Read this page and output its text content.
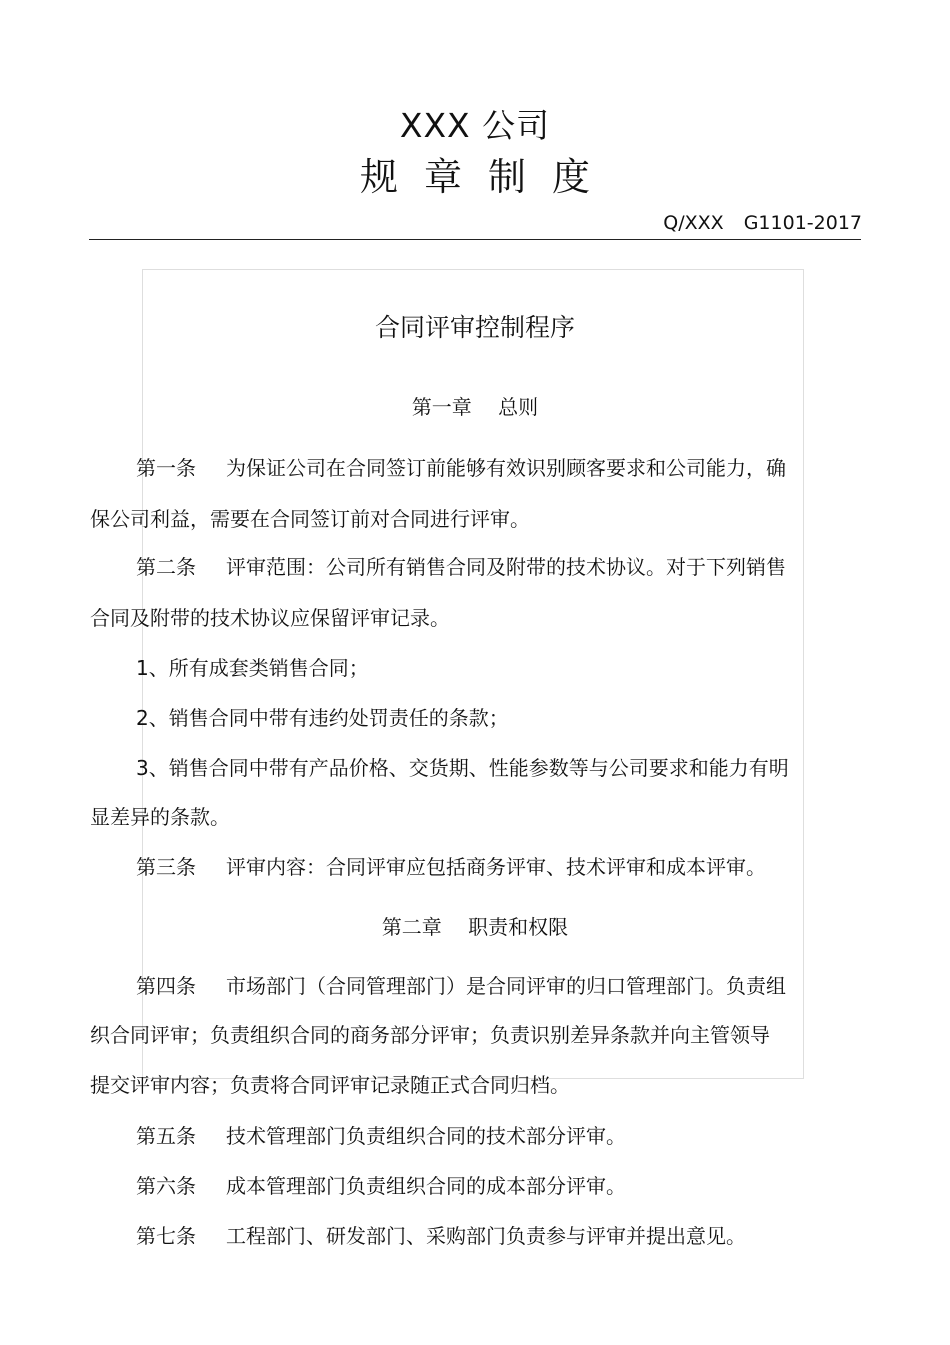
XXX 公司
规章制度
Q/XXX G1101-2017
合同评审控制程序
第一章　 总则
第一条 为保证公司在合同签订前能够有效识别顾客要求和公司能力，确
保公司利益，需要在合同签订前对合同进行评审。
第二条 评审范围：公司所有销售合同及附带的技术协议。对于下列销售
合同及附带的技术协议应保留评审记录。
1、所有成套类销售合同；
2、销售合同中带有违约处罚责任的条款；
3、销售合同中带有产品价格、交货期、性能参数等与公司要求和能力有明
显差异的条款。
第三条 评审内容：合同评审应包括商务评审、技术评审和成本评审。
第二章　 职责和权限
第四条 市场部门（合同管理部门）是合同评审的归口管理部门。负责组
织合同评审；负责组织合同的商务部分评审；负责识别差异条款并向主管领导
提交评审内容；负责将合同评审记录随正式合同归档。
第五条 技术管理部门负责组织合同的技术部分评审。
第六条 成本管理部门负责组织合同的成本部分评审。
第七条 工程部门、研发部门、采购部门负责参与评审并提出意见。
